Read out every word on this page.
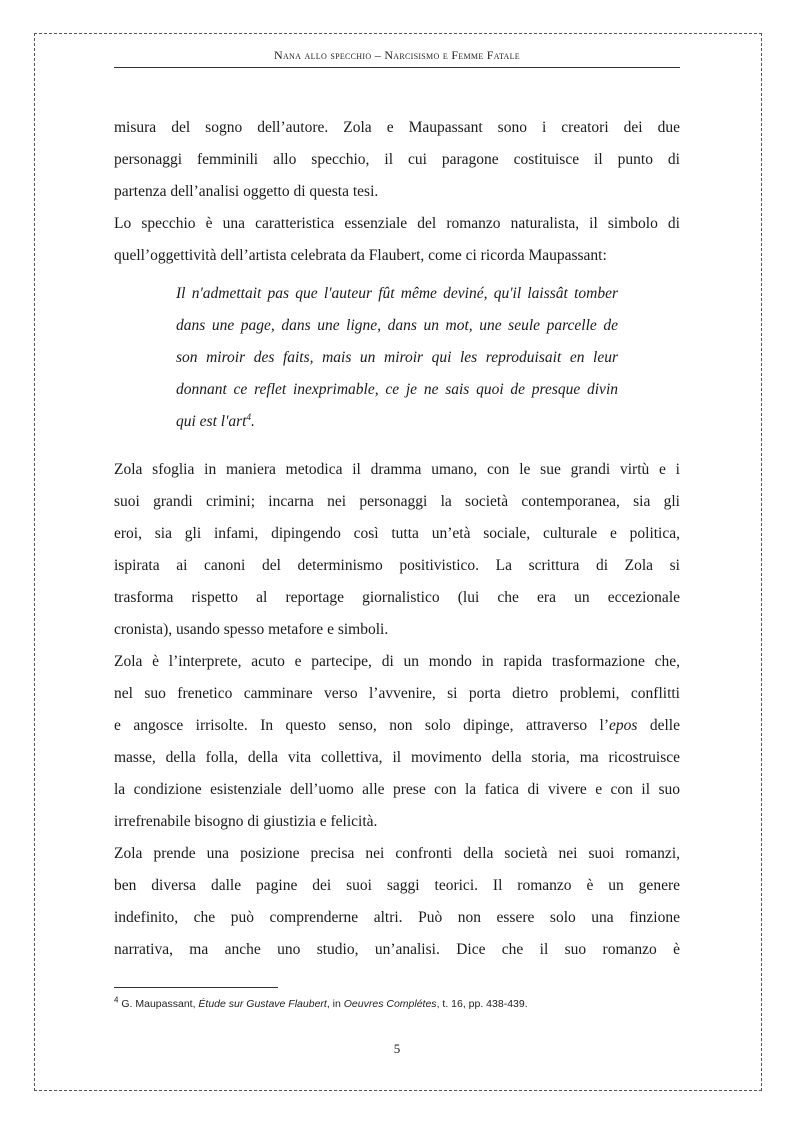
Nana allo specchio – Narcisismo e Femme Fatale

misura del sogno dell’autore. Zola e Maupassant sono i creatori dei due
personaggi femminili allo specchio, il cui paragone costituisce il punto di
partenza dell’analisi oggetto di questa tesi.

Lo specchio è una caratteristica essenziale del romanzo naturalista, il simbolo di
quell’oggettività dell’artista celebrata da Flaubert, come ci ricorda Maupassant:

Il n'admettait pas que l'auteur fût même deviné, qu'il laissât tomber
dans une page, dans une ligne, dans un mot, une seule parcelle de
son miroir des faits, mais un miroir qui les reproduisait en leur
donnant ce reflet inexprimable, ce je ne sais quoi de presque divin
qui est l'art$^4$.

Zola sfoglia in maniera metodica il dramma umano, con le sue grandi virtù e i
suoi grandi crimini; incarna nei personaggi la società contemporanea, sia gli
eroi, sia gli infami, dipingendo così tutta un’età sociale, culturale e politica,
ispirata ai canoni del determinismo positivistico. La scrittura di Zola si
trasforma rispetto al reportage giornalistico (lui che era un eccezionale
cronista), usando spesso metafore e simboli.

Zola è l’interprete, acuto e partecipe, di un mondo in rapida trasformazione che,
nel suo frenetico camminare verso l’avvenire, si porta dietro problemi, conflitti
e angosce irrisolte. In questo senso, non solo dipinge, attraverso l’epos delle
masse, della folla, della vita collettiva, il movimento della storia, ma ricostruisce
la condizione esistenziale dell’uomo alle prese con la fatica di vivere e con il suo
irrefrenabile bisogno di giustizia e felicità.

Zola prende una posizione precisa nei confronti della società nei suoi romanzi,
ben diversa dalle pagine dei suoi saggi teorici. Il romanzo è un genere
indefinito, che può comprenderne altri. Può non essere solo una finzione
narrativa, ma anche uno studio, un’analisi. Dice che il suo romanzo è

$^4$ G. Maupassant, Étude sur Gustave Flaubert, in Oeuvres Complétes, t. 16, pp. 438-439.
5
